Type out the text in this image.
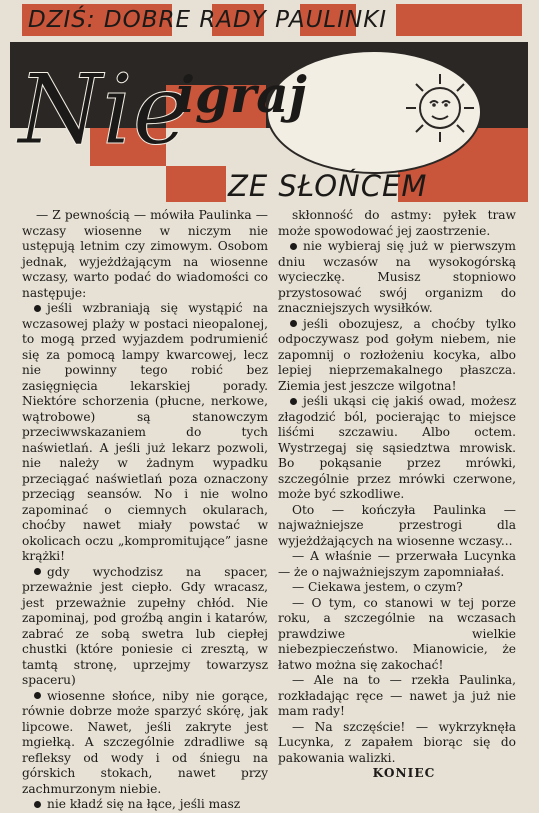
DZIŚ: DOBRE RADY PAULINKI
Nie
igraj
ZE SŁOŃCEM

— Z pewnością — mówiła Paulinka — wczasy wiosenne w niczym nie ustępują letnim czy zimowym. Osobom jednak, wyjeżdżającym na wiosenne wczasy, warto podać do wiadomości co następuje:

jeśli wzbraniają się wystąpić na wczasowej plaży w postaci nieopalonej, to mogą przed wyjazdem podrumienić się za pomocą lampy kwarcowej, lecz nie powinny tego robić bez zasięgnięcia lekarskiej porady. Niektóre schorzenia (płucne, nerkowe, wątrobowe) są stanowczym przeciwwskazaniem do tych naświetlań. A jeśli już lekarz pozwoli, nie należy w żadnym wypadku przeciągać naświetlań poza oznaczony przeciąg seansów. No i nie wolno zapominać o ciemnych okularach, choćby nawet miały powstać w okolicach oczu „kompromitujące” jasne krążki!

gdy wychodzisz na spacer, przeważnie jest ciepło. Gdy wracasz, jest przeważnie zupełny chłód. Nie zapominaj, pod groźbą angin i katarów, zabrać ze sobą swetra lub ciepłej chustki (które poniesie ci zresztą, w tamtą stronę, uprzejmy towarzysz spaceru)

wiosenne słońce, niby nie gorące, równie dobrze może sparzyć skórę, jak lipcowe. Nawet, jeśli zakryte jest mgiełką. A szczególnie zdradliwe są refleksy od wody i od śniegu na górskich stokach, nawet przy zachmurzonym niebie.

nie kładź się na łące, jeśli masz

skłonność do astmy: pyłek traw może spowodować jej zaostrzenie.

nie wybieraj się już w pierwszym dniu wczasów na wysokogórską wycieczkę. Musisz stopniowo przystosować swój organizm do znaczniejszych wysiłków.

jeśli obozujesz, a choćby tylko odpoczywasz pod gołym niebem, nie zapomnij o rozłożeniu kocyka, albo lepiej nieprzemakalnego płaszcza. Ziemia jest jeszcze wilgotna!

jeśli ukąsi cię jakiś owad, możesz złagodzić ból, pocierając to miejsce liśćmi szczawiu. Albo octem. Wystrzegaj się sąsiedztwa mrowisk. Bo pokąsanie przez mrówki, szczególnie przez mrówki czerwone, może być szkodliwe.

Oto — kończyła Paulinka — najważniejsze przestrogi dla wyjeżdżających na wiosenne wczasy...

— A właśnie — przerwała Lucynka — że o najważniejszym zapomniałaś.

— Ciekawa jestem, o czym?

— O tym, co stanowi w tej porze roku, a szczególnie na wczasach prawdziwe wielkie niebezpieczeństwo. Mianowicie, że łatwo można się zakochać!

— Ale na to — rzekła Paulinka, rozkładając ręce — nawet ja już nie mam rady!

— Na szczęście! — wykrzyknęła Lucynka, z zapałem biorąc się do pakowania walizki.

KONIEC
